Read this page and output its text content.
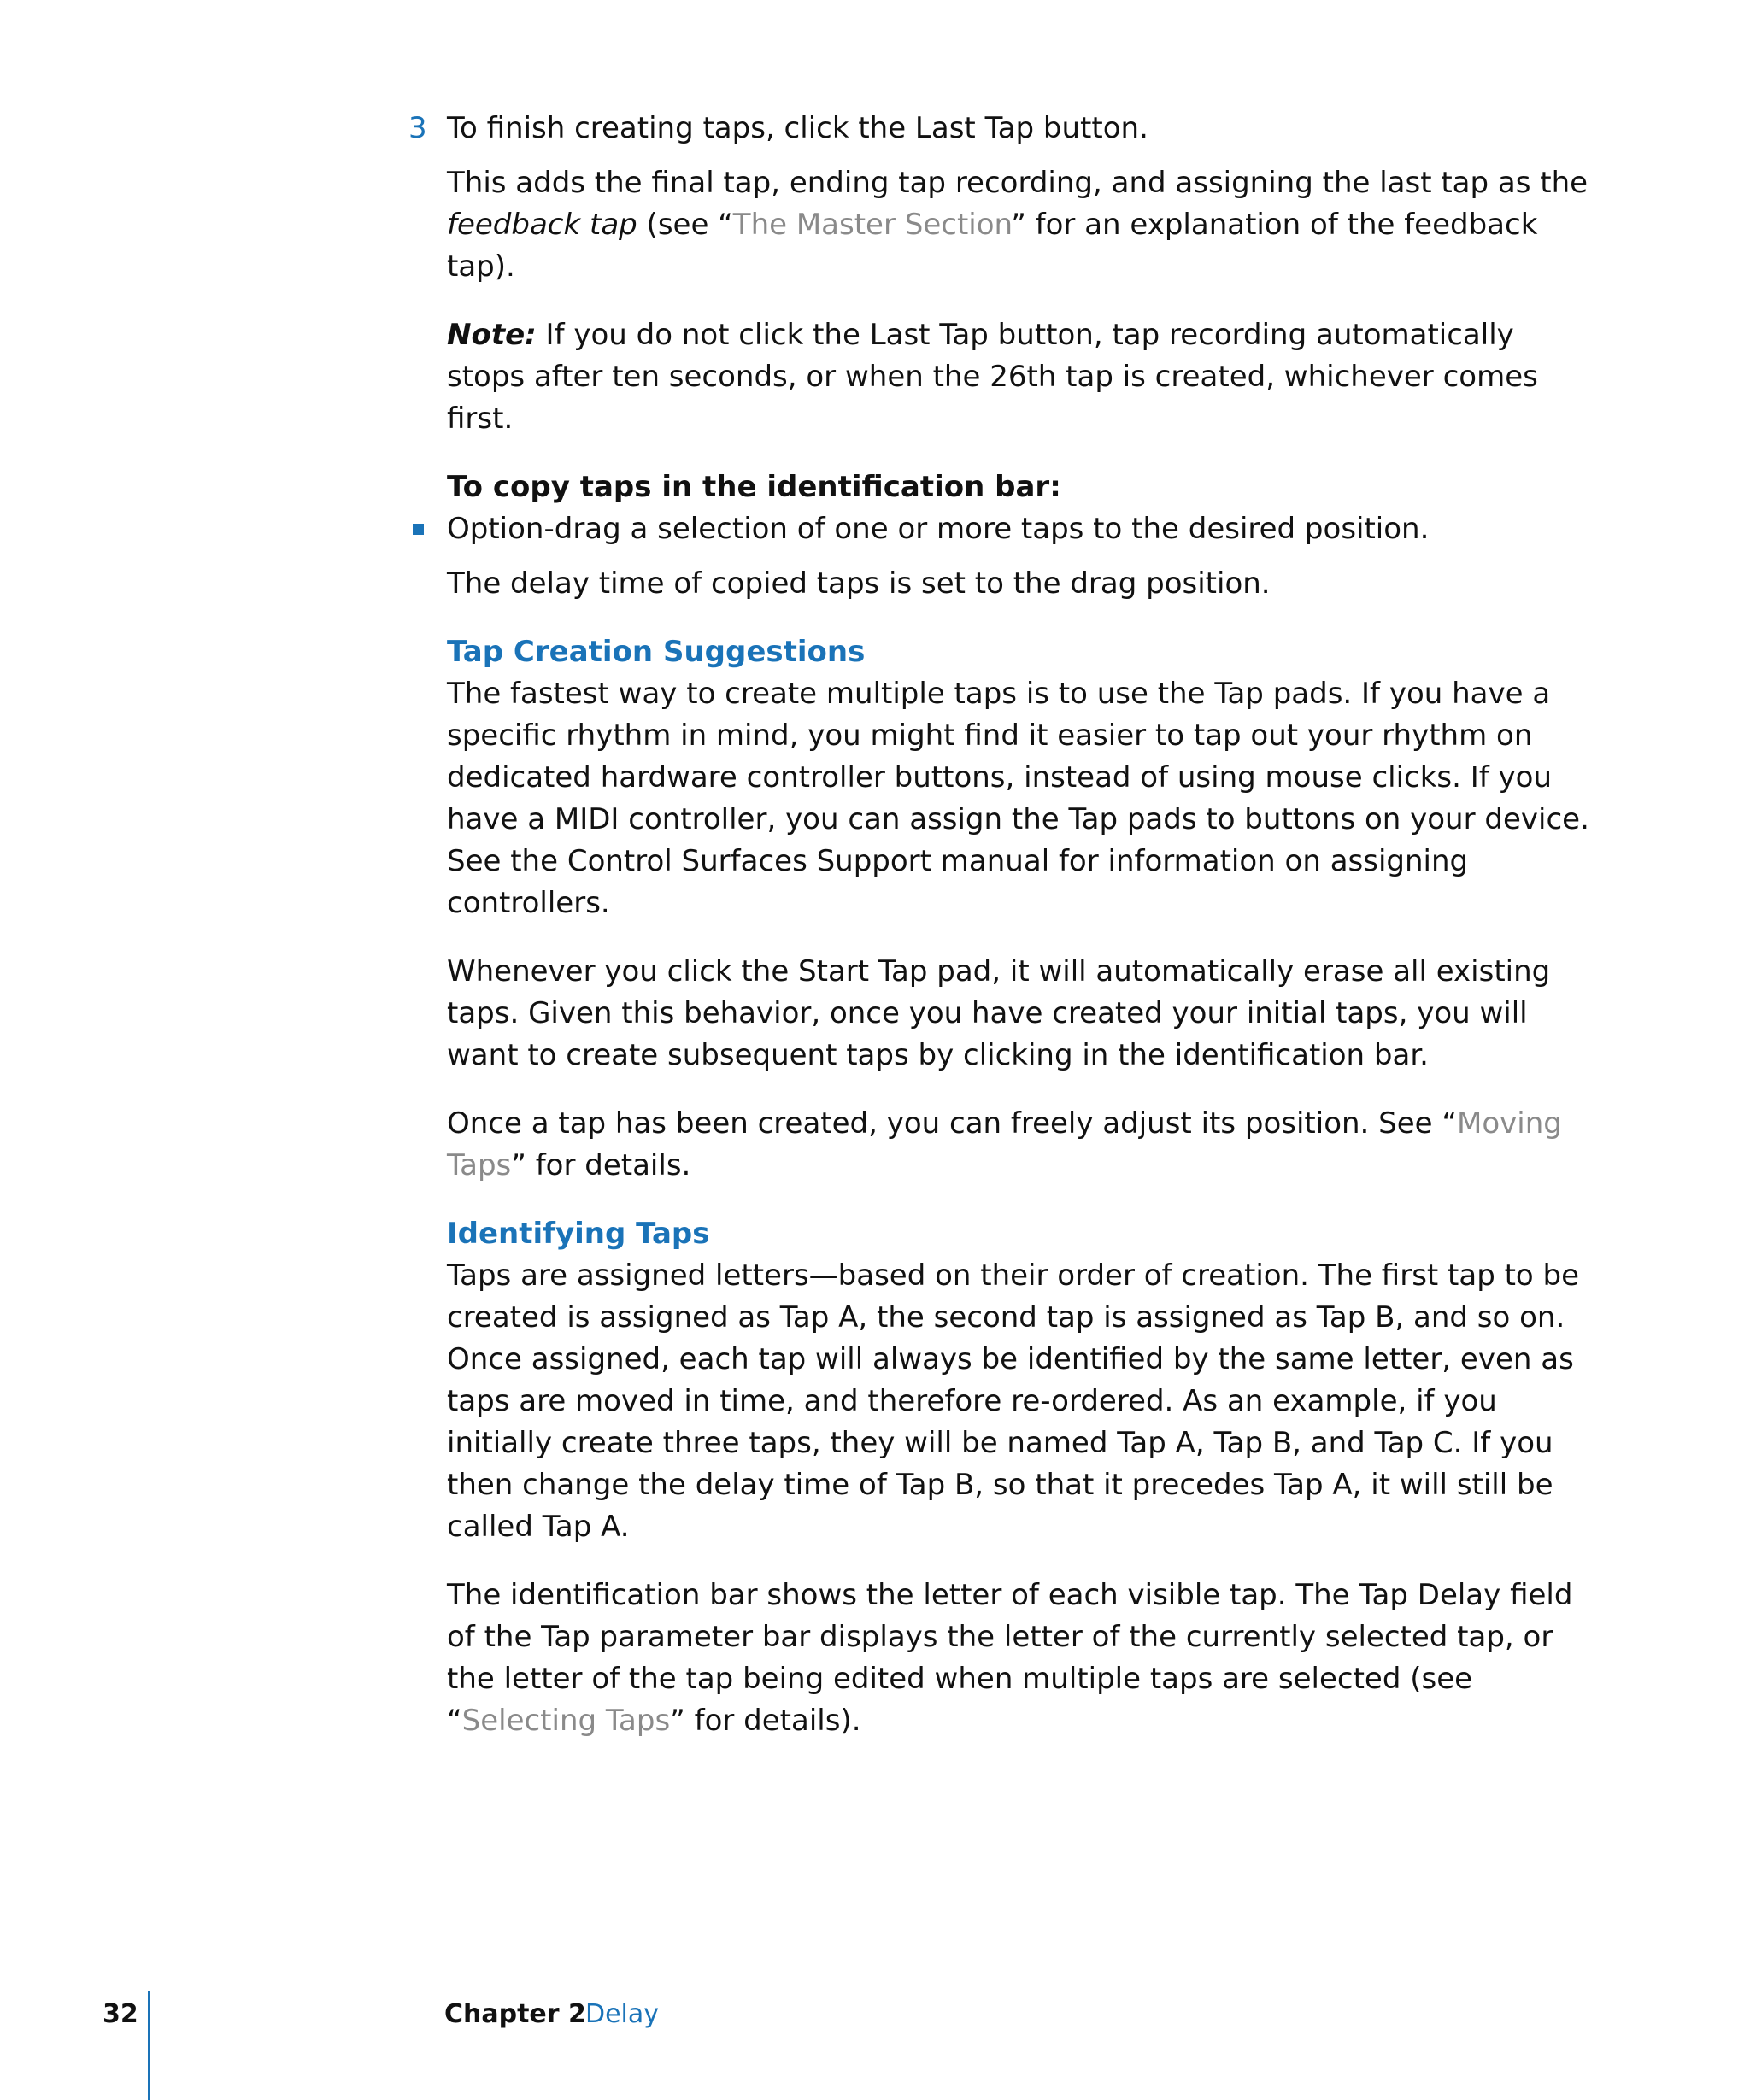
3 To finish creating taps, click the Last Tap button.

This adds the final tap, ending tap recording, and assigning the last tap as the feedback tap (see “The Master Section” for an explanation of the feedback tap).

Note: If you do not click the Last Tap button, tap recording automatically stops after ten seconds, or when the 26th tap is created, whichever comes first.

To copy taps in the identification bar:

Option-drag a selection of one or more taps to the desired position.

The delay time of copied taps is set to the drag position.

Tap Creation Suggestions

The fastest way to create multiple taps is to use the Tap pads. If you have a specific rhythm in mind, you might find it easier to tap out your rhythm on dedicated hardware controller buttons, instead of using mouse clicks. If you have a MIDI controller, you can assign the Tap pads to buttons on your device. See the Control Surfaces Support manual for information on assigning controllers.

Whenever you click the Start Tap pad, it will automatically erase all existing taps. Given this behavior, once you have created your initial taps, you will want to create subsequent taps by clicking in the identification bar.

Once a tap has been created, you can freely adjust its position. See “Moving Taps” for details.

Identifying Taps

Taps are assigned letters—based on their order of creation. The first tap to be created is assigned as Tap A, the second tap is assigned as Tap B, and so on. Once assigned, each tap will always be identified by the same letter, even as taps are moved in time, and therefore re-ordered. As an example, if you initially create three taps, they will be named Tap A, Tap B, and Tap C. If you then change the delay time of Tap B, so that it precedes Tap A, it will still be called Tap A.

The identification bar shows the letter of each visible tap. The Tap Delay field of the Tap parameter bar displays the letter of the currently selected tap, or the letter of the tap being edited when multiple taps are selected (see “Selecting Taps” for details).

32	Chapter 2 Delay
